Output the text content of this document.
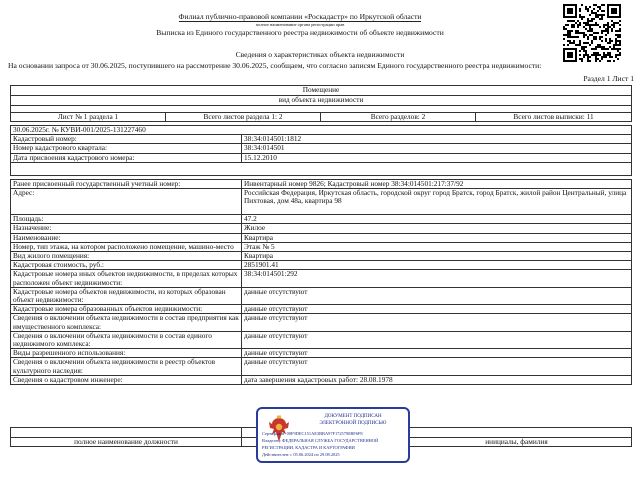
Филиал публично-правовой компании «Роскадастр» по Иркутской области
полное наименование органа регистрации прав
Выписка из Единого государственного реестра недвижимости об объекте недвижимости
Сведения о характеристиках объекта недвижимости
На основании запроса от 30.06.2025, поступившего на рассмотрение 30.06.2025, сообщаем, что согласно записям Единого государственного реестра недвижимости:
Раздел 1 Лист 1
Помещение
вид объекта недвижимости

Лист № 1 раздела 1	Всего листов раздела 1: 2	Всего разделов: 2	Всего листов выписки: 11
30.06.2025г. № КУВИ-001/2025-131227460	
Кадастровый номер:	38:34:014501:1812
Номер кадастрового квартала:	38:34:014501
Дата присвоения кадастрового номера:	15.12.2010

Ранее присвоенный государственный учетный номер:	Инвентарный номер 9826; Кадастровый номер 38:34:014501:217:37/92
Адрес:	Российская Федерация, Иркутская область, городской округ город Братск, город Братск, жилой район Центральный, улица Пихтовая, дом 48а, квартира 98
Площадь:	47.2
Назначение:	Жилое
Наименование:	Квартира
Номер, тип этажа, на котором расположено помещение, машино-место	Этаж № 5
Вид жилого помещения:	Квартира
Кадастровая стоимость, руб.:	2851901.41
Кадастровые номера иных объектов недвижимости, в пределах которых расположен объект недвижимости:	38:34:014501:292
Кадастровые номера объектов недвижимости, из которых образован объект недвижимости:	данные отсутствуют
Кадастровые номера образованных объектов недвижимости:	данные отсутствуют
Сведения о включении объекта недвижимости в состав предприятия как имущественного комплекса:	данные отсутствуют
Сведения о включении объекта недвижимости в состав единого недвижимого комплекса:	данные отсутствуют
Виды разрешенного использования:	данные отсутствуют
Сведения о включении объекта недвижимости в реестр объектов культурного наследия:	данные отсутствуют
Сведения о кадастровом инженере:	дата завершения кадастровых работ: 28.08.1978

полное наименование должности		инициалы, фамилия
ДОКУМЕНТ ПОДПИСАН
ЭЛЕКТРОННОЙ ПОДПИСЬЮ
Сертификат: 00F9DEC151AE3BBA97F1725790BF6F8
Владелец: ФЕДЕРАЛЬНАЯ СЛУЖБА ГОСУДАРСТВЕННОЙ
РЕГИСТРАЦИИ, КАДАСТРА И КАРТОГРАФИИ
Действителен: с 05.06.2024 по 29.08.2025
